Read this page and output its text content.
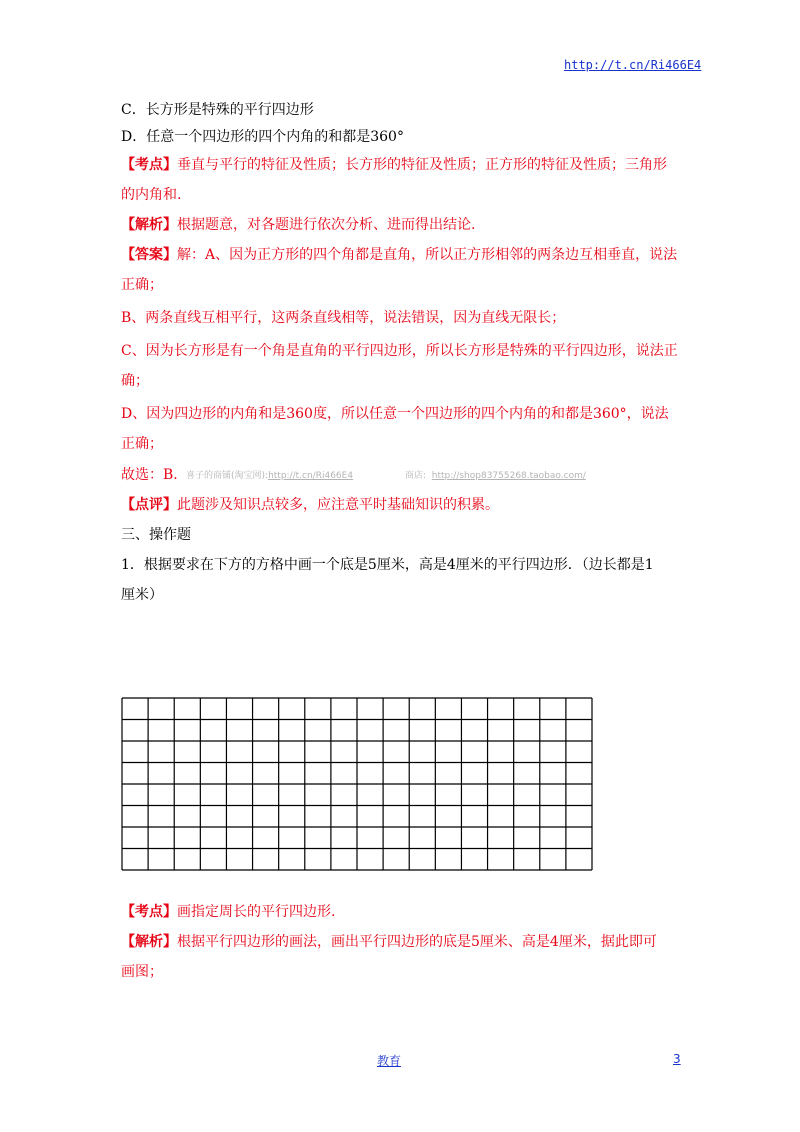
http://t.cn/Ri466E4
C．长方形是特殊的平行四边形
D．任意一个四边形的四个内角的和都是360°
【考点】垂直与平行的特征及性质；长方形的特征及性质；正方形的特征及性质；三角形
的内角和.
【解析】根据题意，对各题进行依次分析、进而得出结论.
【答案】解：A、因为正方形的四个角都是直角，所以正方形相邻的两条边互相垂直，说法
正确；
B、两条直线互相平行，这两条直线相等，说法错误，因为直线无限长；
C、因为长方形是有一个角是直角的平行四边形，所以长方形是特殊的平行四边形，说法正
确；
D、因为四边形的内角和是360度，所以任意一个四边形的四个内角的和都是360°，说法
正确；
故选：B．
喜子的商铺(淘宝网):http://t.cn/Ri466E4	商店: http://shop83755268.taobao.com/
【点评】此题涉及知识点较多，应注意平时基础知识的积累。
三、操作题
1．根据要求在下方的方格中画一个底是5厘米，高是4厘米的平行四边形．（边长都是1
厘米）
【考点】画指定周长的平行四边形.
【解析】根据平行四边形的画法，画出平行四边形的底是5厘米、高是4厘米，据此即可
画图；
教育	3
